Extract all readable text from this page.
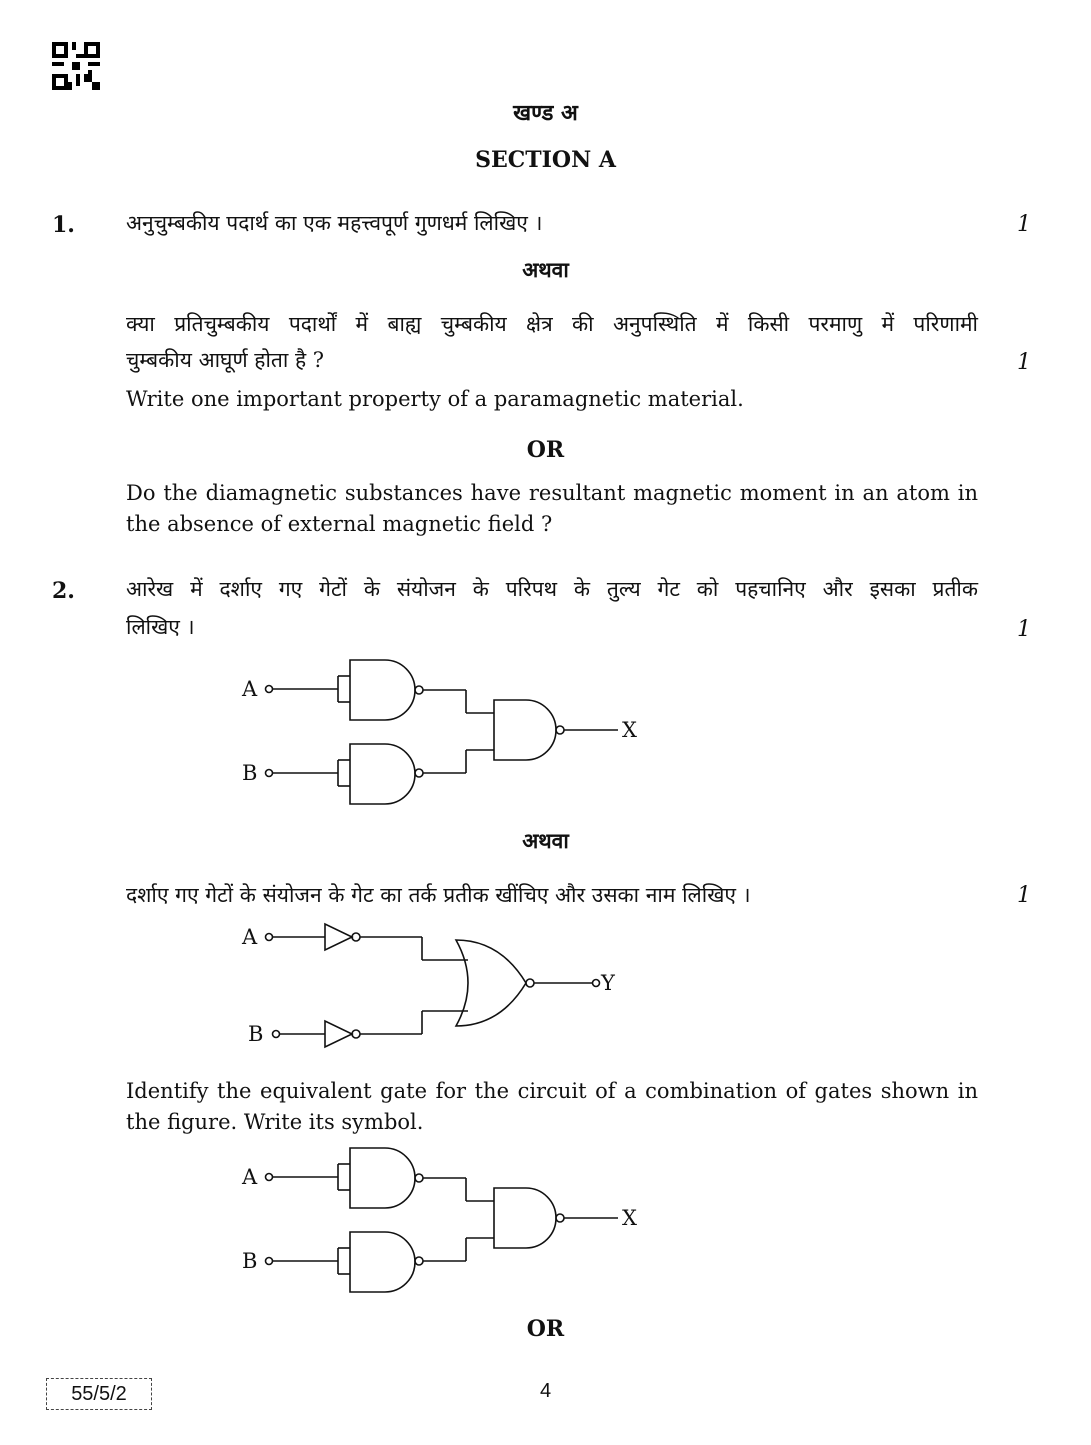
खण्ड अ
SECTION A
1. अनुचुम्बकीय पदार्थ का एक महत्त्वपूर्ण गुणधर्म लिखिए ।	1
अथवा
क्या प्रतिचुम्बकीय पदार्थों में बाह्य चुम्बकीय क्षेत्र की अनुपस्थिति में किसी परमाणु में परिणामी
चुम्बकीय आघूर्ण होता है ?	1
Write one important property of a paramagnetic material.
OR
Do the diamagnetic substances have resultant magnetic moment in an atom in the absence of external magnetic field ?
2. आरेख में दर्शाए गए गेटों के संयोजन के परिपथ के तुल्य गेट को पहचानिए और इसका प्रतीक
लिखिए ।	1
A
B
X
अथवा
दर्शाए गए गेटों के संयोजन के गेट का तर्क प्रतीक खींचिए और उसका नाम लिखिए ।	1
A
B
Y
Identify the equivalent gate for the circuit of a combination of gates shown in the figure. Write its symbol.
A
B
X
OR
55/5/2	4
